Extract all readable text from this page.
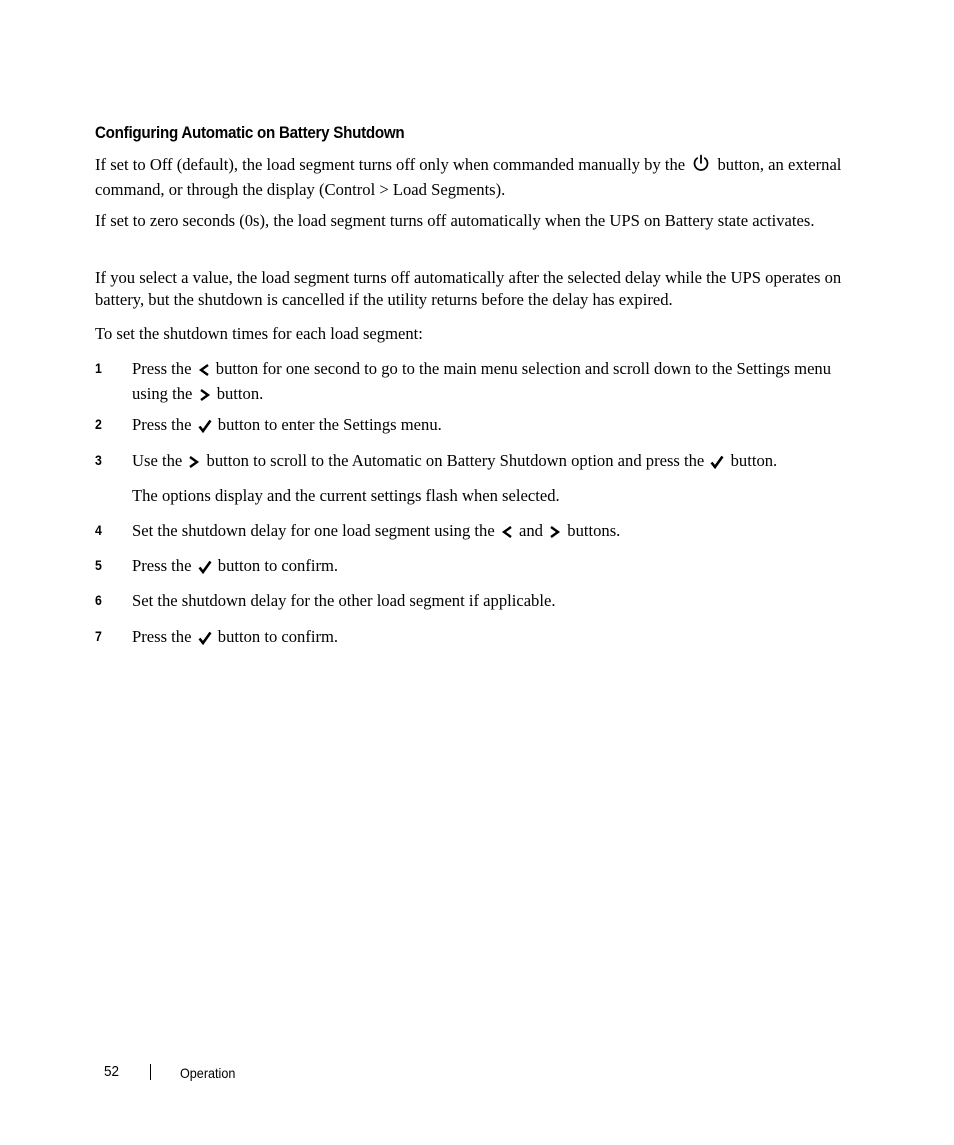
Configuring Automatic on Battery Shutdown
If set to Off (default), the load segment turns off only when commanded manually by the button, an external command, or through the display (Control > Load Segments).
If set to zero seconds (0s), the load segment turns off automatically when the UPS on Battery state activates.
If you select a value, the load segment turns off automatically after the selected delay while the UPS operates on battery, but the shutdown is cancelled if the utility returns before the delay has expired.
To set the shutdown times for each load segment:
1 Press the button for one second to go to the main menu selection and scroll down to the Settings menu using the button.
2 Press the button to enter the Settings menu.
3 Use the button to scroll to the Automatic on Battery Shutdown option and press the button.
The options display and the current settings flash when selected.
4 Set the shutdown delay for one load segment using the and buttons.
5 Press the button to confirm.
6 Set the shutdown delay for the other load segment if applicable.
7 Press the button to confirm.
52	Operation
